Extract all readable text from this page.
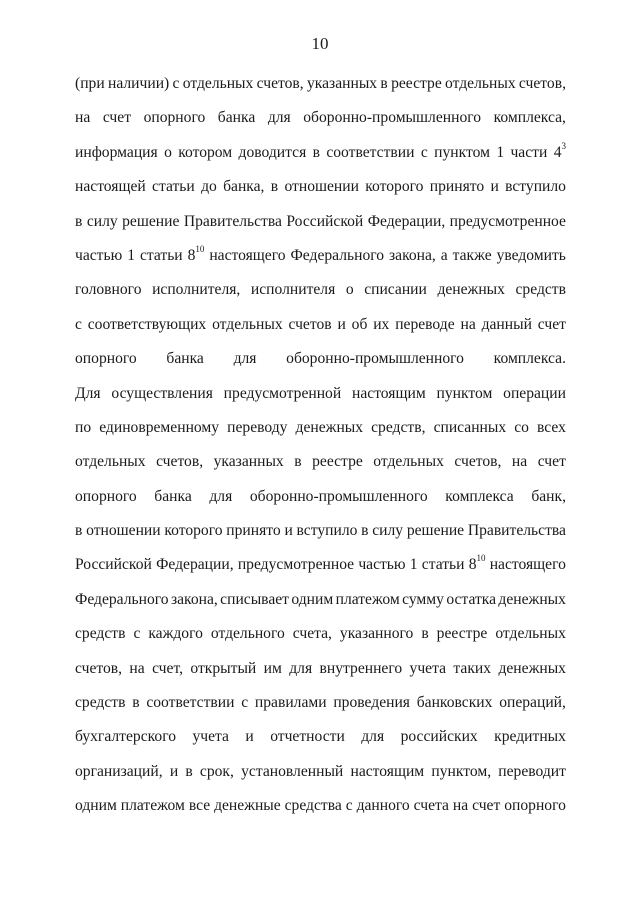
10
(при наличии) с отдельных счетов, указанных в реестре отдельных счетов,
на счет опорного банка для оборонно-промышленного комплекса,
информация о котором доводится в соответствии с пунктом 1 части $4^3$
настоящей статьи до банка, в отношении которого принято и вступило
в силу решение Правительства Российской Федерации, предусмотренное
частью 1 статьи $8^{10}$ настоящего Федерального закона, а также уведомить
головного исполнителя, исполнителя о списании денежных средств
с соответствующих отдельных счетов и об их переводе на данный счет
опорного банка для оборонно-промышленного комплекса.
Для осуществления предусмотренной настоящим пунктом операции
по единовременному переводу денежных средств, списанных со всех
отдельных счетов, указанных в реестре отдельных счетов, на счет
опорного банка для оборонно-промышленного комплекса банк,
в отношении которого принято и вступило в силу решение Правительства
Российской Федерации, предусмотренное частью 1 статьи $8^{10}$ настоящего
Федерального закона, списывает одним платежом сумму остатка денежных
средств с каждого отдельного счета, указанного в реестре отдельных
счетов, на счет, открытый им для внутреннего учета таких денежных
средств в соответствии с правилами проведения банковских операций,
бухгалтерского учета и отчетности для российских кредитных
организаций, и в срок, установленный настоящим пунктом, переводит
одним платежом все денежные средства с данного счета на счет опорного
